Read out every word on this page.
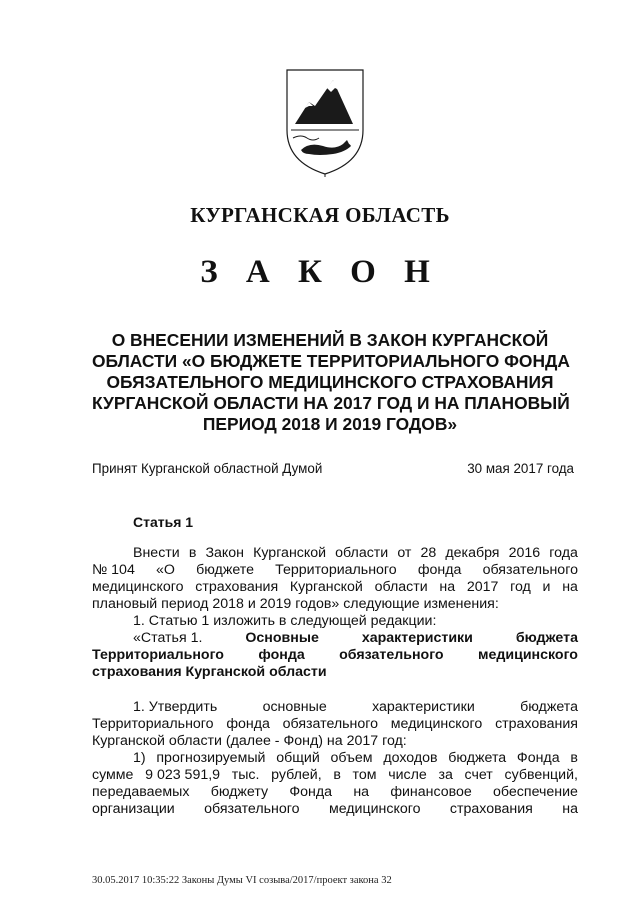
КУРГАНСКАЯ ОБЛАСТЬ
З А К О Н
О ВНЕСЕНИИ ИЗМЕНЕНИЙ В ЗАКОН КУРГАНСКОЙ
ОБЛАСТИ «О БЮДЖЕТЕ ТЕРРИТОРИАЛЬНОГО ФОНДА
ОБЯЗАТЕЛЬНОГО МЕДИЦИНСКОГО СТРАХОВАНИЯ
КУРГАНСКОЙ ОБЛАСТИ НА 2017 ГОД И НА ПЛАНОВЫЙ
ПЕРИОД 2018 И 2019 ГОДОВ»
Принят Курганской областной Думой	30 мая 2017 года
Статья 1
Внести в Закон Курганской области от 28 декабря 2016 года
№ 104 «О бюджете Территориального фонда обязательного
медицинского страхования Курганской области на 2017 год и на
плановый период 2018 и 2019 годов» следующие изменения:
1. Статью 1 изложить в следующей редакции:
«Статья 1.	Основные	характеристики	бюджета
Территориального фонда обязательного медицинского
страхования Курганской области
1. Утвердить	основные	характеристики	бюджета
Территориального фонда обязательного медицинского страхования
Курганской области (далее - Фонд) на 2017 год:
1) прогнозируемый общий объем доходов бюджета Фонда в
сумме 9 023 591,9 тыс. рублей, в том числе за счет субвенций,
передаваемых бюджету Фонда на финансовое обеспечение
организации обязательного медицинского страхования на
30.05.2017 10:35:22 Законы Думы VI созыва/2017/проект закона 32
